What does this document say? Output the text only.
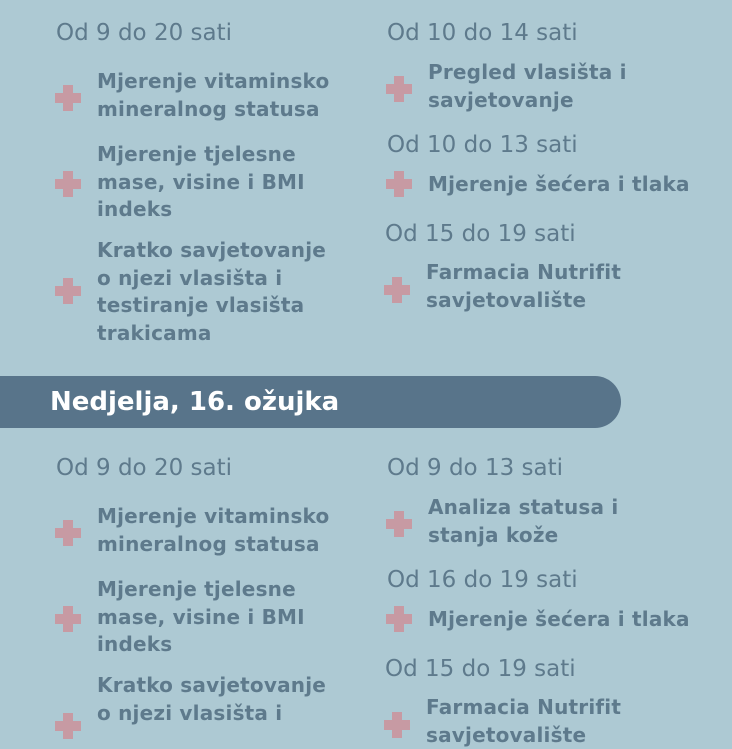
Od 9 do 20 sati
Mjerenje vitaminsko mineralnog statusa
Mjerenje tjelesne mase, visine i BMI indeks
Kratko savjetovanje o njezi vlasišta i testiranje vlasišta trakicama
Od 10 do 14 sati
Pregled vlasišta i savjetovanje
Od 10 do 13 sati
Mjerenje šećera i tlaka
Od 15 do 19 sati
Farmacia Nutrifit savjetovalište
Nedjelja, 16. ožujka
Od 9 do 20 sati
Mjerenje vitaminsko mineralnog statusa
Mjerenje tjelesne mase, visine i BMI indeks
Kratko savjetovanje o njezi vlasišta i
Od 9 do 13 sati
Analiza statusa i stanja kože
Od 16 do 19 sati
Mjerenje šećera i tlaka
Od 15 do 19 sati
Farmacia Nutrifit savjetovalište
